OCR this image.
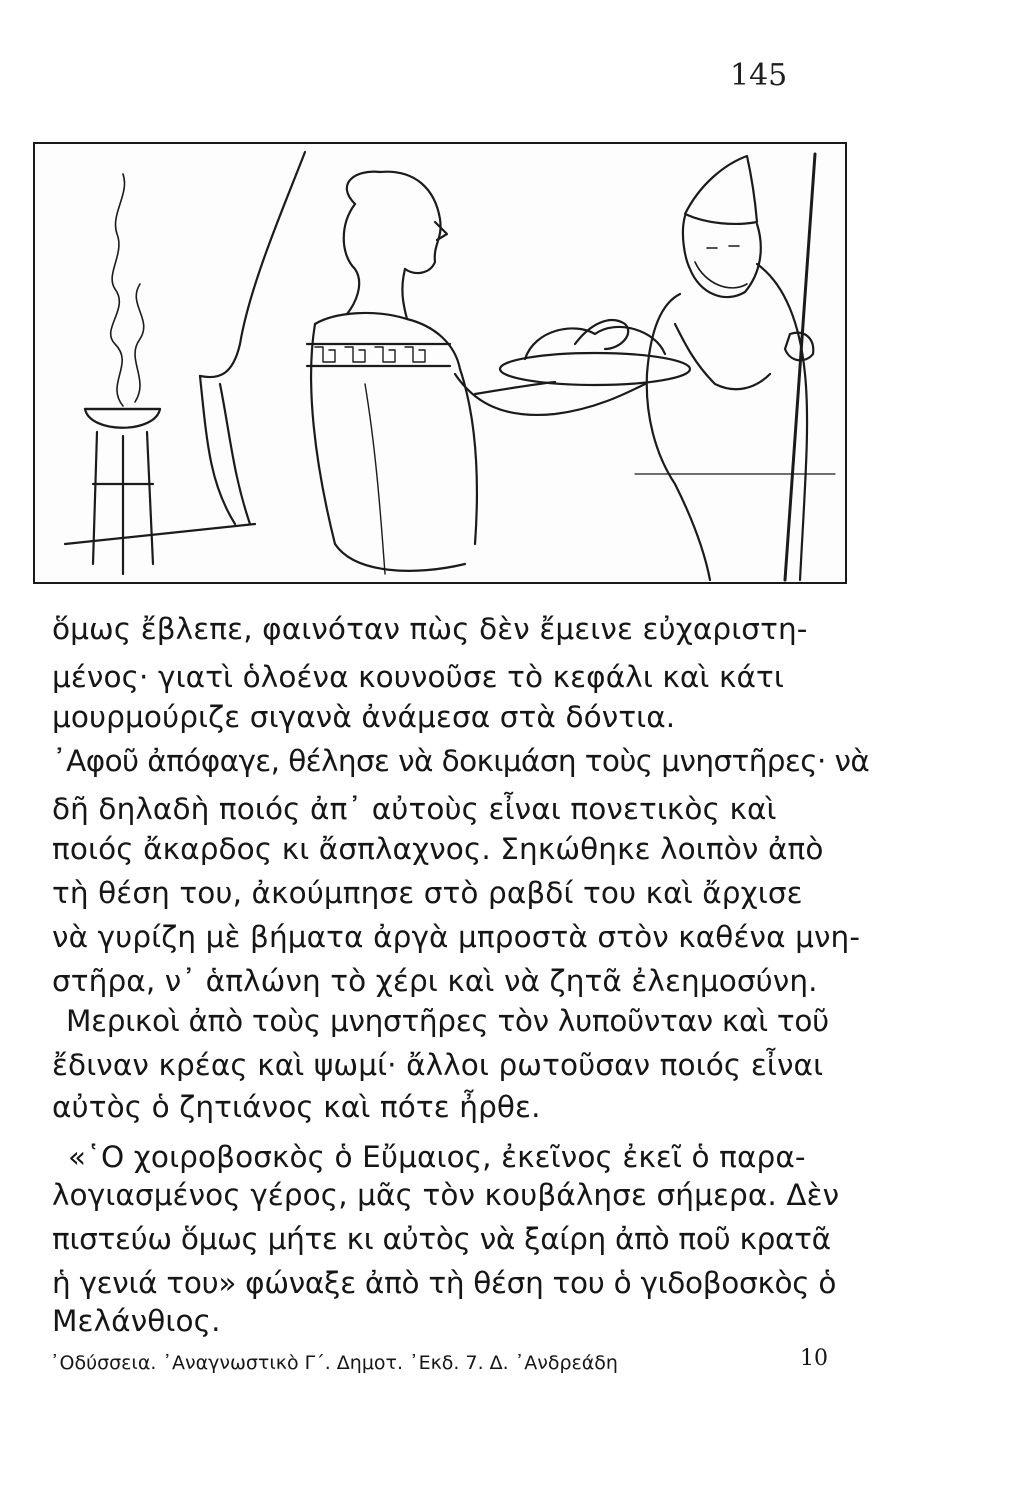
145
ὅμως ἔβλεπε, φαινόταν πὼς δὲν ἔμεινε εὐχαριστη-
μένος· γιατὶ ὁλοένα κουνοῦσε τὸ κεφάλι καὶ κάτι
μουρμούριζε σιγανὰ ἀνάμεσα στὰ δόντια.
᾿Αφοῦ ἀπόφαγε, θέλησε νὰ δοκιμάση τοὺς μνηστῆρες· νὰ
δῆ δηλαδὴ ποιός ἀπ᾿ αὐτοὺς εἶναι πονετικὸς καὶ
ποιός ἄκαρδος κι ἄσπλαχνος. Σηκώθηκε λοιπὸν ἀπὸ
τὴ θέση του, ἀκούμπησε στὸ ραβδί του καὶ ἄρχισε
νὰ γυρίζη μὲ βήματα ἀργὰ μπροστὰ στὸν καθένα μνη-
στῆρα, ν᾿ ἁπλώνη τὸ χέρι καὶ νὰ ζητᾶ ἐλεημοσύνη.
Μερικοὶ ἀπὸ τοὺς μνηστῆρες τὸν λυποῦνταν καὶ τοῦ
ἔδιναν κρέας καὶ ψωμί· ἄλλοι ρωτοῦσαν ποιός εἶναι
αὐτὸς ὁ ζητιάνος καὶ πότε ἦρθε.
«῾Ο χοιροβοσκὸς ὁ Εὔμαιος, ἐκεῖνος ἐκεῖ ὁ παρα-
λογιασμένος γέρος, μᾶς τὸν κουβάλησε σήμερα. Δὲν
πιστεύω ὅμως μήτε κι αὐτὸς νὰ ξαίρη ἀπὸ ποῦ κρατᾶ
ἡ γενιά του» φώναξε ἀπὸ τὴ θέση του ὁ γιδοβοσκὸς ὁ
Μελάνθιος.
᾿Οδύσσεια. ᾿Αναγνωστικὸ Γ΄. Δημοτ. ᾿Εκδ. 7. Δ. ᾿Ανδρεάδη	10
